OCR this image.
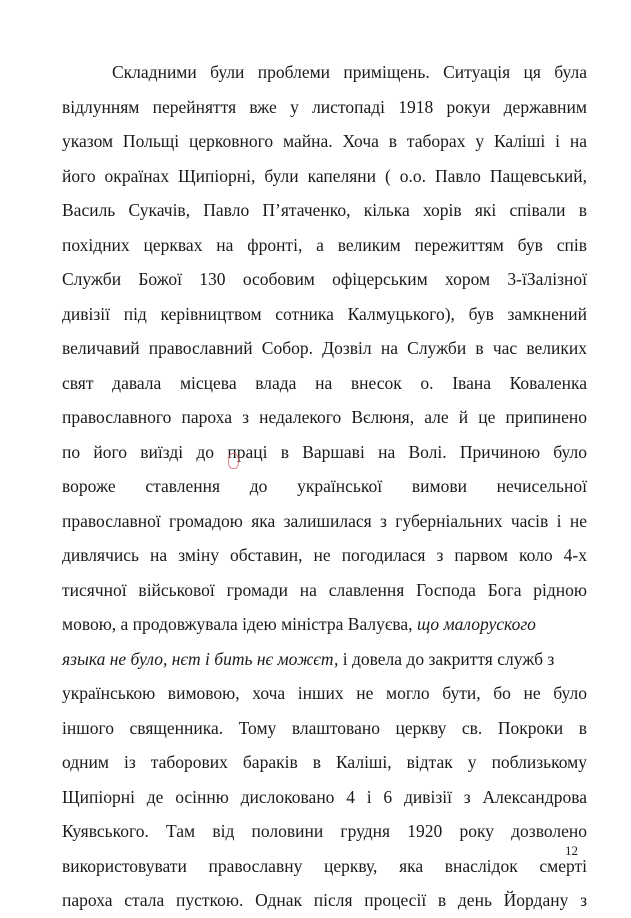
Складними були проблеми приміщень. Ситуація ця була
відлунням перейняття вже у листопаді 1918 рокуи державним
указом Польщі церковного майна. Хоча в таборах у Каліші і на
його окраїнах Щипіорні, були капеляни ( о.о. Павло Пащевський,
Василь Сукачів, Павло П’ятаченко, кілька хорів які співали в
похідних церквах на фронті, а великим пережиттям був спів
Служби Божої 130 особовим офіцерським хором 3-їЗалізної
дивізії під керівництвом сотника Калмуцького), був замкнений
величавий православний Собор. Дозвіл на Служби в час великих
свят давала місцева влада на внесок о. Івана Коваленка
православного пароха з недалекого Вєлюня, але й це припинено
по його виїзді до праці в Варшаві на Волі. Причиною було
вороже ставлення до української вимови нечисельної
православної громадою яка залишилася з губерніальних часів і не
дивлячись на зміну обставин, не погодилася з парвом коло 4-х
тисячної військової громади на славлення Господа Бога рідною
мовою, а продовжувала ідею міністра Валуєва, що малоруского
языка не було, нєт і бить нє можєт, і довела до закриття служб з
українською вимовою, хоча інших не могло бути, бо не було
іншого священника. Тому влаштовано церкву св. Покроки в
одним із таборових бараків в Каліші, відтак у поблизькому
Щипіорні де осінню дислоковано 4 і 6 дивізії з Александрова
Куявського. Там від половини грудня 1920 року дозволено
використовувати православну церкву, яка внаслідок смерті
пароха стала пусткою. Однак після процесії в день Йордану з
12
